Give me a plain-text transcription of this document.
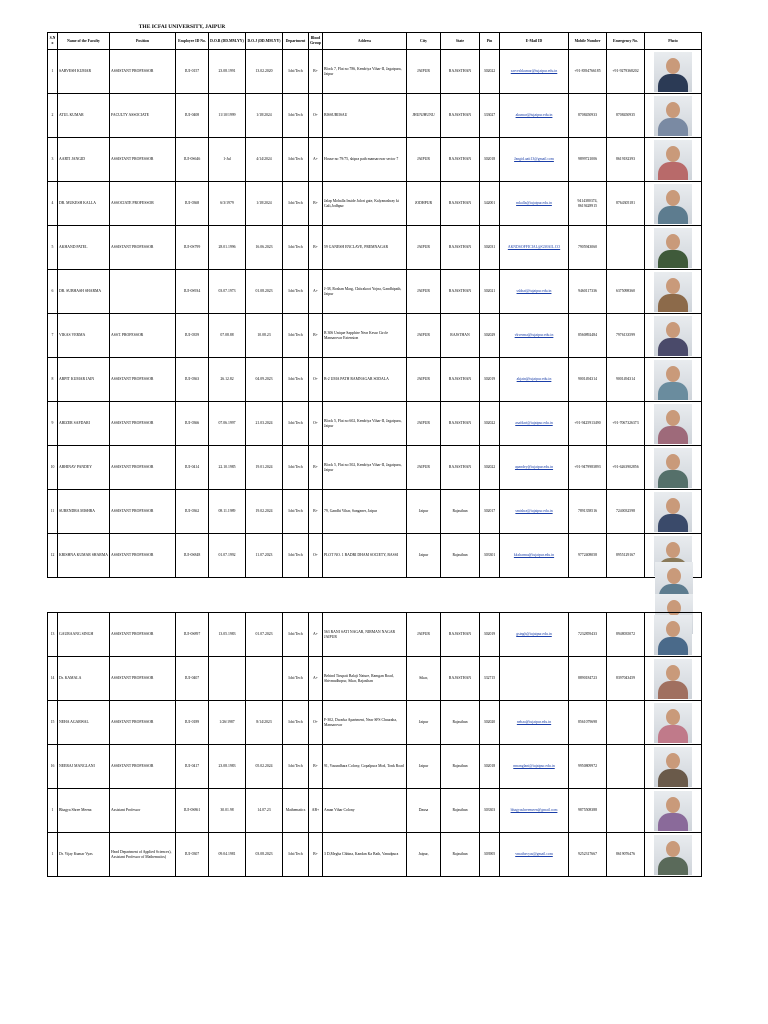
THE ICFAI UNIVERSITY, JAIPUR
S.No	Name of the Faculty	Position	Employee ID No.	D.O.B (DD.MM.YY)	D.O.J (DD.MM.YY)	Department	Blood Group	Address	City	State	Pin	E-Mail ID	Mobile Number	Emergency No.	Photo
1	SARVESH KUMAR	ASSISTANT PROFESSOR	IUJ-0157	23.08.1991	13.02.2020	Ichi/Tech	B+	Block 7, Flat no 786, Kendriya Vihar-II, Jagatpura, Jaipur	JAIPUR	RAJASTHAN	302022	sarveshkumar@iujaipur.edu.in	+91-8394766185	+91-9279368202	

2	ATUL KUMAR	FACULTY ASSOCIATE	IUJ-0408	11/10/1999	1/18/2024	Ichi/Tech	O+	BISSUBIISAU	JHUNJHUNU	RAJASTHAN	333027	akumar@iujaipur.edu.in	8708450933	8708450935	

3	AARTI JANGID	ASSISTANT PROFESSOR	IUJ-0S646	1-Jul	4/14/2024	Ichi/Tech	A+	House no 79/75, shipra path mansarovar sector 7	JAIPUR	RAJASTHAN	302018	Jangid.aati13@gmail.com	9899721006	8619182393	

4	DR. MUKESH KALLA	ASSOCIATE PROFESSOR	IUJ-0368	6/3/1979	1/18/2024	Ichi/Tech	B+	Jalap Mohalla Inside Jalori gate, Kalyanashray ki Gali,Jodhpur	JODHPUR	RAJASTHAN	342001	mkalla@iujaipur.edu.in	9414380374, 8619428915	8764305181	

5	AKHAND PATEL	ASSISTANT PROFESSOR	IUJ-0S799	28.01.1996	16.06.2023	Ichi/Tech	B+	59 GANESH ENCLAVE, PREMNAGAR	JAIPUR	RAJASTHAN	302031	AKNDSOFFICIAL@GMAIL.CO	7905943060		

6	DR. SUBHASH SHARMA		IUJ-0S934	03.07.1973	01.08.2023	Ichi/Tech	A+	J-38, Roshan Marg, Chitrakoot Yojna, Gandhipath, Jaipur	JAIPUR	RAJASTHAN	302021	ssbhai@iujaipur.edu.in	9460117336	6375098360	

7	VIKAS VERMA	ASST. PROFESSOR	IUJ-0359	07.08.88	10.08.23	Ichi/Tech	B+	B 306 Unique Sapphire Near Kesar Circle Mansarovar Extension	JAIPUR	RAJSTHAN	302029	vkverma@iujaipur.edu.in	8560892484	7976133599	

8	ARPIT KUMAR JAIN	ASSISTANT PROFESSOR	IUJ-0363	26.12.82	04.09.2023	Ichi/Tech	O+	B-2 UMA PATH RAMNAGAR SODALA	JAIPUR	RAJASTHAN	302019	akjain@iujaipur.edu.in	9001494314	9001494314	

9	ABIZER SAFDARI	ASSISTANT PROFESSOR	IUJ-0366	07.06.1997	21.03.2024	Ichi/Tech	O+	Block 5, Flat no 602, Kendriya Vihar-II, Jagatpura, Jaipur	JAIPUR	RAJASTHAN	302022	asafdari@iujaipur.edu.in	+91-9425913490	+91-7067326373	

10	ABHINAV PANDEY	ASSISTANT PROFESSOR	IUJ-0414	22.10.1985	19.01.2024	Ichi/Tech	B+	Block 5, Flat no 502, Kendriya Vihar-II, Jagatpura, Jaipur	JAIPUR	RAJASTHAN	302022	apandey@iujaipur.edu.in	+91-9479983893	+91-6263902856	

11	SURENDRA MISHRA	ASSISTANT PROFESSOR	IUJ-0362	08.11.1989	19.02.2024	Ichi/Tech	B+	79, Gandhi Vihar, Sanganer, Jaipur	Jaipur	Rajasthan	302017	smishra@iujaipur.edu.in	7891358516	7240032598	

12	KRISHNA KUMAR SHARMA	ASSISTANT PROFESSOR	IUJ-0S848	01.07.1992	11.07.2023	Ichi/Tech	O+	PLOT NO. 1 BADRI DHAM SOCIETY, BASSI	Jaipur	Rajasthan	303301	kksharma@iujaipur.edu.in	9772408058	8955129167	
13	GAURAANG SINGH	ASSISTANT PROFESSOR	IUJ-0S897	13.05.1983	01.07.2023	Ichi/Tech	A+	563 RANI SATI NAGAR, NIRMAN NAGAR JAIPUR	JAIPUR	RAJASTHAN	302019	gsingh@iujaipur.edu.in	7232859433	8948035072	

14	Dr. KAMALA	ASSISTANT PROFESSOR	IUJ-0407			Ichi/Tech	A+	Behind Tirupati Balaji Nature, Ramgan Road, Shivmadhopur, Sikar, Rajasthan	Sikar,	RAJASTHAN	332715		8890184723	8397043459	

15	NEHA AGARWAL	ASSISTANT PROFESSOR	IUJ-0189	1/26/1987	8/14/2023	Ichi/Tech	O+	F-302, Dwarka Apartment, Near SFS Chauraha, Mansarovar	Jaipur	Rajasthan	302020	nehaa@iujaipur.edu.in	8561079698		

16	NEERAJ MANGLANI	ASSISTANT PROFESSOR	IUJ-0417	23.08.1983	05.02.2024	Ichi/Tech	B+	91, Vasundhara Colony, Gopalpura Mod, Tonk Road	Jaipur	Rajasthan	302018	nmanglani@iujaipur.edu.in	9950809972		

1	Bhagya Shree Meena	Assistant Professor	IUJ-0S861	30.01.98	14.07.23	Mathematics	AB+	Aman Vihar Colony	Dausa	Rajasthan	303303	bhagyashreemeen@gmail.com	9875508388		

1	Dr. Vijay Kumar Vyas	Head Department of Applied Sciences), Assistant Professor of Mathematics)	IUJ-0307	09.04.1981	03.08.2023	Ichi/Tech	B+	3 D,Megha Chhina, Kandan Ka Bath, Vanadpura	Jaipur,	Rajasthan	303905	vmathsvyas@gmail.com	9252317667	8619076476	
